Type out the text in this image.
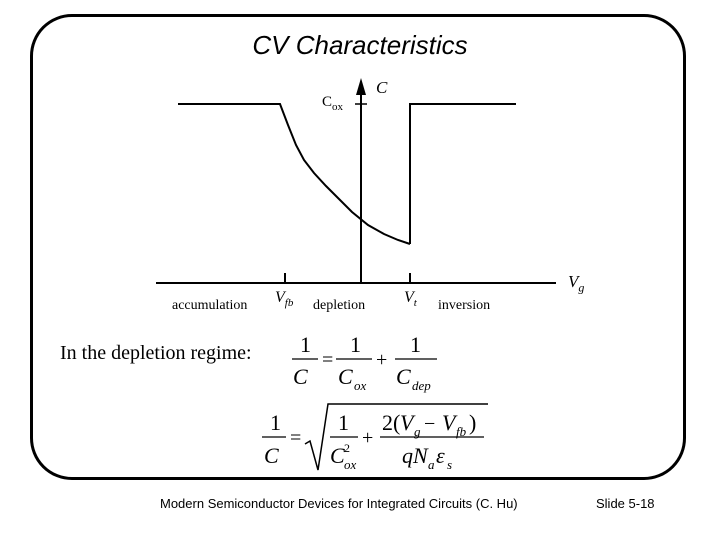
CV Characteristics
C
$C_{ox}$
$V_g$
$V_{fb}$	$V_t$
accumulation	depletion	inversion
In the depletion regime: 1
C
=
1
C ox
+
1
C dep
1
C
=
1
C 2
ox
+
2( V g − V fb )
qN a ε s
Modern Semiconductor Devices for Integrated Circuits (C. Hu)	Slide 5-18
